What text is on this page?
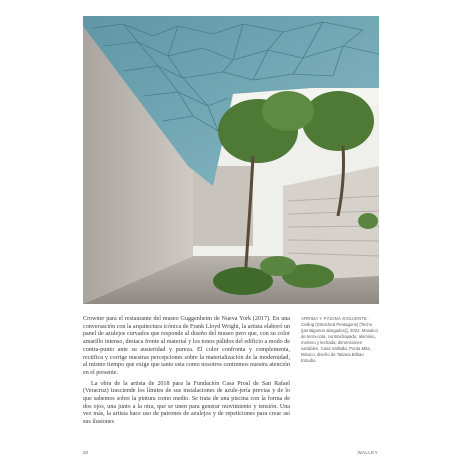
Crowner para el restaurante del museo Guggenheim de Nueva York (2017). En una conversación con la arquitectura icónica de Frank Lloyd Wright, la artista elaboró un panel de azulejos curvados que responde al diseño del museo pero que, con su color amarillo intenso, destaca frente al material y los tonos pálidos del edificio a modo de contra-punto ante su austeridad y pureza. El color confronta y complementa, rectifica y corrige nuestras percepciones sobre la materialización de la modernidad, al mismo tiempo que exige que tanto esta como nosotros centremos nuestra atención en el presente.

La obra de la artista de 2018 para la Fundación Casa Proal de San Rafael (Veracruz) trasciende los límites de sus instalaciones de azule-jería previas y de lo que sabemos sobre la pintura como medio. Se trata de una piscina con la forma de dos ojos, una junto a la otra, que se unen para generar movimiento y tensión. Una vez más, la artista hace uso de patrones de azulejos y de repeticiones para crear así sus ilusiones

ARRIBA Y PÁGINA SIGUIENTE · Ceiling (Stretched Pentagons) [Techo (pentágonos alargados)], 2022. Mosaico de terra-cota, contrachapado, aluminio, mortero y lechada; dimensiones variables. Casa Valhalla, Punta Mita, México; diseño de Tatiana Bilbao Estudio.
20	WALLEY
